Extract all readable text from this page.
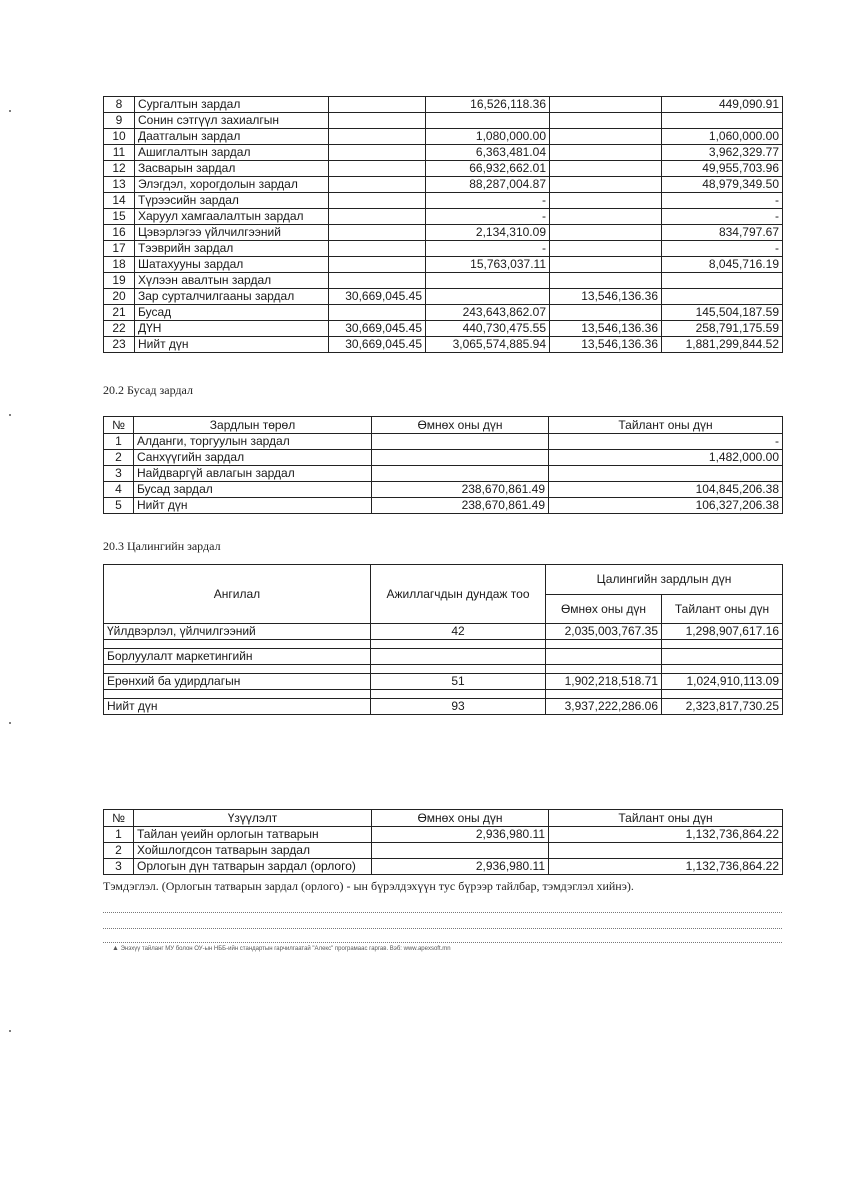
8	Сургалтын зардал		16,526,118.36		449,090.91
9	Сонин сэтгүүл захиалгын				
10	Даатгалын зардал		1,080,000.00		1,060,000.00
11	Ашиглалтын зардал		6,363,481.04		3,962,329.77
12	Засварын зардал		66,932,662.01		49,955,703.96
13	Элэгдэл, хорогдолын зардал		88,287,004.87		48,979,349.50
14	Түрээсийн зардал		-		-
15	Харуул хамгаалалтын зардал		-		-
16	Цэвэрлэгээ үйлчилгээний		2,134,310.09		834,797.67
17	Тээврийн зардал		-		-
18	Шатахууны зардал		15,763,037.11		8,045,716.19
19	Хүлээн авалтын зардал				
20	Зар сурталчилгааны зардал	30,669,045.45		13,546,136.36	
21	Бусад		243,643,862.07		145,504,187.59
22	ДҮН	30,669,045.45	440,730,475.55	13,546,136.36	258,791,175.59
23	Нийт дүн	30,669,045.45	3,065,574,885.94	13,546,136.36	1,881,299,844.52
20.2 Бусад зардал
№	Зардлын төрөл	Өмнөх оны дүн	Тайлант оны дүн
1	Алданги, торгуулын зардал		-
2	Санхүүгийн зардал		1,482,000.00
3	Найдваргүй авлагын зардал		
4	Бусад зардал	238,670,861.49	104,845,206.38
5	Нийт дүн	238,670,861.49	106,327,206.38
20.3 Цалингийн зардал
Ангилал	Ажиллагчдын дундаж тоо	Цалингийн зардлын дүн	
		Өмнөх оны дүн	Тайлант оны дүн
Үйлдвэрлэл, үйлчилгээний	42	2,035,003,767.35	1,298,907,617.16

Борлуулалт маркетингийн			

Ерөнхий ба удирдлагын	51	1,902,218,518.71	1,024,910,113.09

Нийт дүн	93	3,937,222,286.06	2,323,817,730.25
№	Үзүүлэлт	Өмнөх оны дүн	Тайлант оны дүн
1	Тайлан үеийн орлогын татварын	2,936,980.11	1,132,736,864.22
2	Хойшлогдсон татварын зардал		
3	Орлогын дүн татварын зардал (орлого)	2,936,980.11	1,132,736,864.22
Тэмдэглэл. (Орлогын татварын зардал (орлого) - ын бүрэлдэхүүн тус бүрээр тайлбар, тэмдэглэл хийнэ).
▲ Энэхүү тайланг МУ болон ОУ-ын НББ-ийн стандартын гарчилгаатай "Алекс" програмаас гаргав. Вэб: www.apexsoft.mn
